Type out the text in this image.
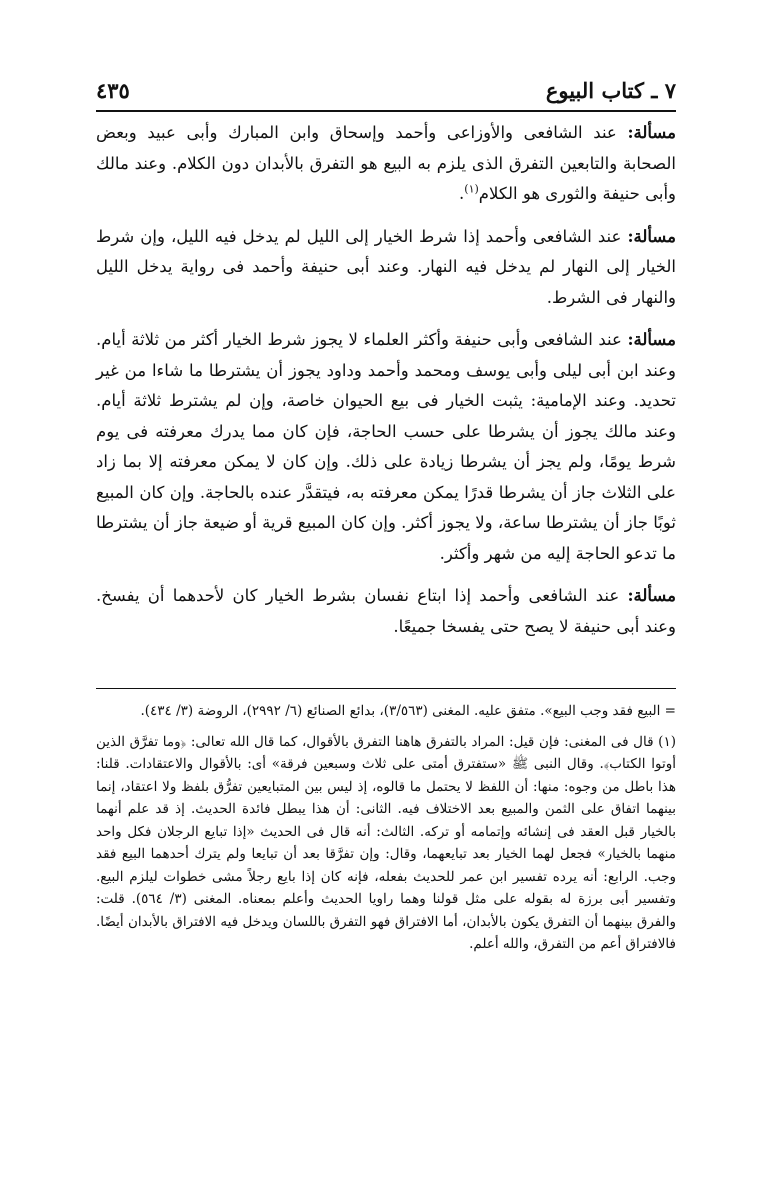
٧ ـ كتاب البيوع
٤٣٥

مسألة: عند الشافعى والأوزاعى وأحمد وإسحاق وابن المبارك وأبى عبيد وبعض الصحابة والتابعين التفرق الذى يلزم به البيع هو التفرق بالأبدان دون الكلام. وعند مالك وأبى حنيفة والثورى هو الكلام$^{(١)}$.

مسألة: عند الشافعى وأحمد إذا شرط الخيار إلى الليل لم يدخل فيه الليل، وإن شرط الخيار إلى النهار لم يدخل فيه النهار. وعند أبى حنيفة وأحمد فى رواية يدخل الليل والنهار فى الشرط.

مسألة: عند الشافعى وأبى حنيفة وأكثر العلماء لا يجوز شرط الخيار أكثر من ثلاثة أيام. وعند ابن أبى ليلى وأبى يوسف ومحمد وأحمد وداود يجوز أن يشترطا ما شاءا من غير تحديد. وعند الإمامية: يثبت الخيار فى بيع الحيوان خاصة، وإن لم يشترط ثلاثة أيام. وعند مالك يجوز أن يشرطا على حسب الحاجة، فإن كان مما يدرك معرفته فى يوم شرط يومًا، ولم يجز أن يشرطا زيادة على ذلك. وإن كان لا يمكن معرفته إلا بما زاد على الثلاث جاز أن يشرطا قدرًا يمكن معرفته به، فيتقدَّر عنده بالحاجة. وإن كان المبيع ثوبًا جاز أن يشترطا ساعة، ولا يجوز أكثر. وإن كان المبيع قرية أو ضيعة جاز أن يشترطا ما تدعو الحاجة إليه من شهر وأكثر.

مسألة: عند الشافعى وأحمد إذا ابتاع نفسان بشرط الخيار كان لأحدهما أن يفسخ. وعند أبى حنيفة لا يصح حتى يفسخا جميعًا.

= البيع فقد وجب البيع». متفق عليه. المغنى (٣/٥٦٣)، بدائع الصنائع (٦/ ٢٩٩٢)، الروضة (٣/ ٤٣٤).

(١) قال فى المغنى: فإن قيل: المراد بالتفرق هاهنا التفرق بالأقوال، كما قال الله تعالى: ﴿وما تفرَّق الذين أوتوا الكتاب﴾. وقال النبى ﷺ «ستفترق أمتى على ثلاث وسبعين فرقة» أى: بالأقوال والاعتقادات. قلنا: هذا باطل من وجوه: منها: أن اللفظ لا يحتمل ما قالوه، إذ ليس بين المتبايعين تفرُّق بلفظ ولا اعتقاد، إنما بينهما اتفاق على الثمن والمبيع بعد الاختلاف فيه. الثانى: أن هذا يبطل فائدة الحديث. إذ قد علم أنهما بالخيار قبل العقد فى إنشائه وإتمامه أو تركه. الثالث: أنه قال فى الحديث «إذا تبايع الرجلان فكل واحد منهما بالخيار» فجعل لهما الخيار بعد تبايعهما، وقال: وإن تفرَّقا بعد أن تبايعا ولم يترك أحدهما البيع فقد وجب. الرابع: أنه يرده تفسير ابن عمر للحديث بفعله، فإنه كان إذا بايع رجلاً مشى خطوات ليلزم البيع. وتفسير أبى برزة له بقوله على مثل قولنا وهما راويا الحديث وأعلم بمعناه. المغنى (٣/ ٥٦٤). قلت: والفرق بينهما أن التفرق يكون بالأبدان، أما الافتراق فهو التفرق باللسان ويدخل فيه الافتراق بالأبدان أيضًا. فالافتراق أعم من التفرق، والله أعلم.
